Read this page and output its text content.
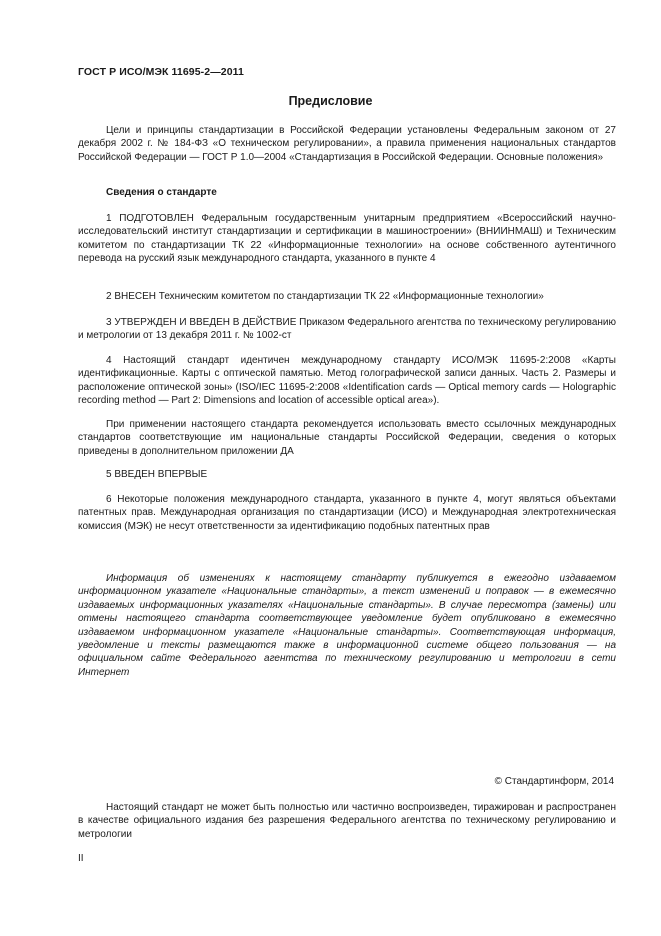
ГОСТ Р ИСО/МЭК 11695-2—2011
Предисловие

Цели и принципы стандартизации в Российской Федерации установлены Федеральным законом от 27 декабря 2002 г. № 184-ФЗ «О техническом регулировании», а правила применения национальных стандартов Российской Федерации — ГОСТ Р 1.0—2004 «Стандартизация в Российской Федерации. Основные положения»

Сведения о стандарте

1 ПОДГОТОВЛЕН Федеральным государственным унитарным предприятием «Всероссийский научно-исследовательский институт стандартизации и сертификации в машиностроении» (ВНИИНМАШ) и Техническим комитетом по стандартизации ТК 22 «Информационные технологии» на основе собственного аутентичного перевода на русский язык международного стандарта, указанного в пункте 4

2 ВНЕСЕН Техническим комитетом по стандартизации ТК 22 «Информационные технологии»

3 УТВЕРЖДЕН И ВВЕДЕН В ДЕЙСТВИЕ Приказом Федерального агентства по техническому регулированию и метрологии от 13 декабря 2011 г. № 1002-ст

4 Настоящий стандарт идентичен международному стандарту ИСО/МЭК 11695-2:2008 «Карты идентификационные. Карты с оптической памятью. Метод голографической записи данных. Часть 2. Размеры и расположение оптической зоны» (ISO/IEC 11695-2:2008 «Identification cards — Optical memory cards — Holographic recording method — Part 2: Dimensions and location of accessible optical area»).

При применении настоящего стандарта рекомендуется использовать вместо ссылочных международных стандартов соответствующие им национальные стандарты Российской Федерации, сведения о которых приведены в дополнительном приложении ДА

5 ВВЕДЕН ВПЕРВЫЕ

6 Некоторые положения международного стандарта, указанного в пункте 4, могут являться объектами патентных прав. Международная организация по стандартизации (ИСО) и Международная электротехническая комиссия (МЭК) не несут ответственности за идентификацию подобных патентных прав

Информация об изменениях к настоящему стандарту публикуется в ежегодно издаваемом информационном указателе «Национальные стандарты», а текст изменений и поправок — в ежемесячно издаваемых информационных указателях «Национальные стандарты». В случае пересмотра (замены) или отмены настоящего стандарта соответствующее уведомление будет опубликовано в ежемесячно издаваемом информационном указателе «Национальные стандарты». Соответствующая информация, уведомление и тексты размещаются также в информационной системе общего пользования — на официальном сайте Федерального агентства по техническому регулированию и метрологии в сети Интернет

© Стандартинформ, 2014

Настоящий стандарт не может быть полностью или частично воспроизведен, тиражирован и распространен в качестве официального издания без разрешения Федерального агентства по техническому регулированию и метрологии

II
